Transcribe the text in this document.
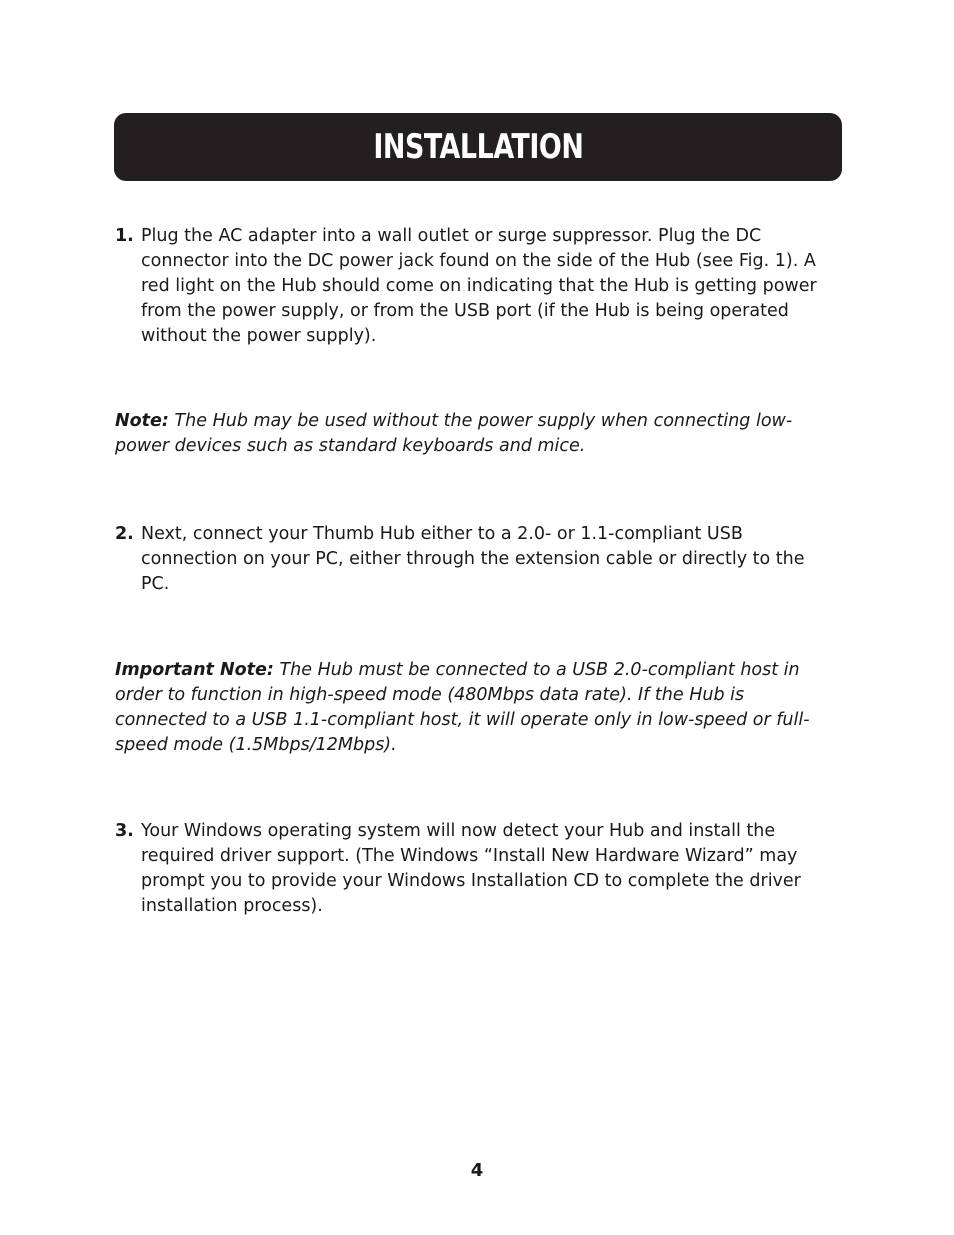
INSTALLATION
1. Plug the AC adapter into a wall outlet or surge suppressor. Plug the DC connector into the DC power jack found on the side of the Hub (see Fig. 1). A red light on the Hub should come on indicating that the Hub is getting power from the power supply, or from the USB port (if the Hub is being operated without the power supply).
Note: The Hub may be used without the power supply when connecting low-power devices such as standard keyboards and mice.
2. Next, connect your Thumb Hub either to a 2.0- or 1.1-compliant USB connection on your PC, either through the extension cable or directly to the PC.
Important Note: The Hub must be connected to a USB 2.0-compliant host in order to function in high-speed mode (480Mbps data rate). If the Hub is connected to a USB 1.1-compliant host, it will operate only in low-speed or full-speed mode (1.5Mbps/12Mbps).
3. Your Windows operating system will now detect your Hub and install the required driver support. (The Windows “Install New Hardware Wizard” may prompt you to provide your Windows Installation CD to complete the driver installation process).
4
